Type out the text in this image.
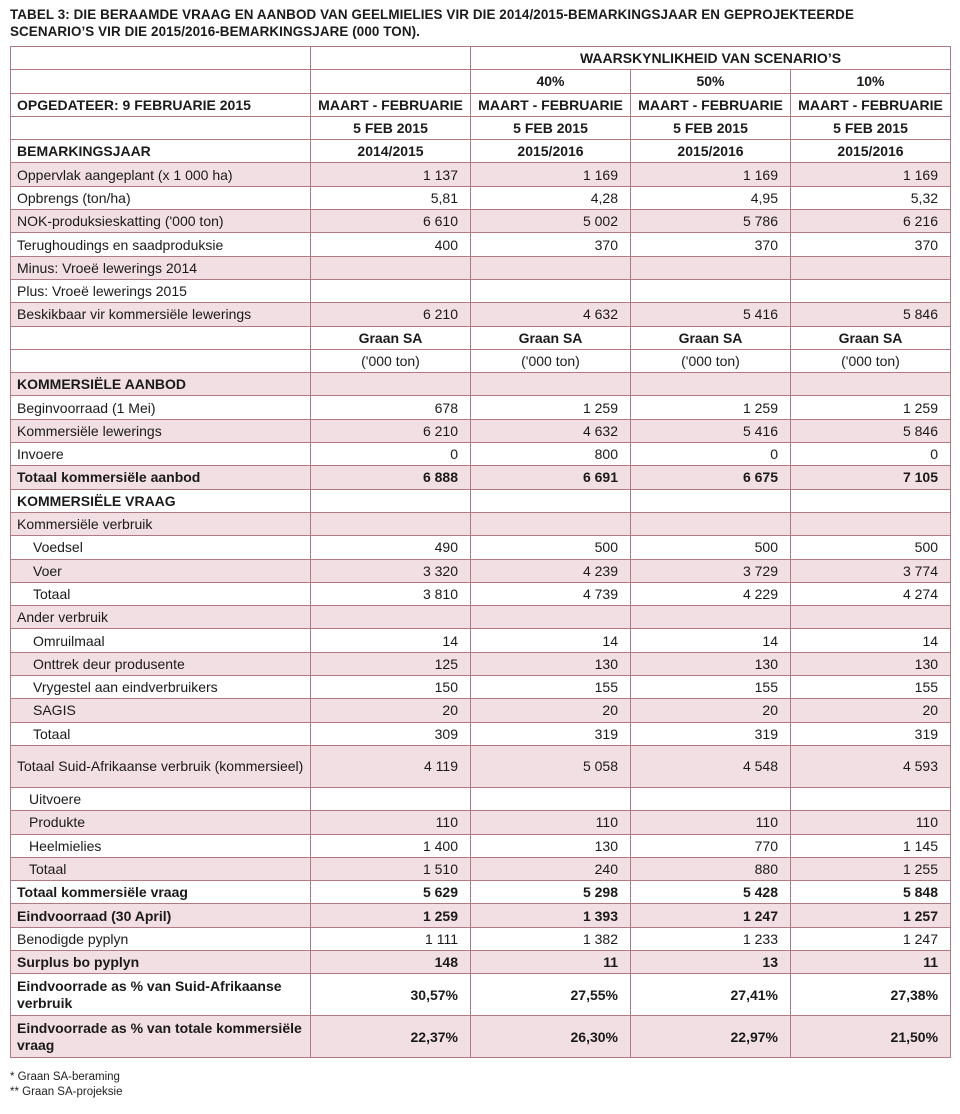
TABEL 3: DIE BERAAMDE VRAAG EN AANBOD VAN GEELMIELIES VIR DIE 2014/2015-BEMARKINGSJAAR EN GEPROJEKTEERDE
SCENARIO’S VIR DIE 2015/2016-BEMARKINGSJARE (000 TON).
		WAARSKYNLIKHEID VAN SCENARIO’S		
		40%	50%	10%
OPGEDATEER: 9 FEBRUARIE 2015	MAART - FEBRUARIE	MAART - FEBRUARIE	MAART - FEBRUARIE	MAART - FEBRUARIE
	5 FEB 2015	5 FEB 2015	5 FEB 2015	5 FEB 2015
BEMARKINGSJAAR	2014/2015	2015/2016	2015/2016	2015/2016
Oppervlak aangeplant (x 1 000 ha)	1 137	1 169	1 169	1 169
Opbrengs (ton/ha)	5,81	4,28	4,95	5,32
NOK-produksieskatting ('000 ton)	6 610	5 002	5 786	6 216
Terughoudings en saadproduksie	400	370	370	370
Minus: Vroeë lewerings 2014				
Plus: Vroeë lewerings 2015				
Beskikbaar vir kommersiële lewerings	6 210	4 632	5 416	5 846
	Graan SA	Graan SA	Graan SA	Graan SA
	('000 ton)	('000 ton)	('000 ton)	('000 ton)
KOMMERSIËLE AANBOD				
Beginvoorraad (1 Mei)	678	1 259	1 259	1 259
Kommersiële lewerings	6 210	4 632	5 416	5 846
Invoere	0	800	0	0
Totaal kommersiële aanbod	6 888	6 691	6 675	7 105
KOMMERSIËLE VRAAG				
Kommersiële verbruik				
Voedsel	490	500	500	500
Voer	3 320	4 239	3 729	3 774
Totaal	3 810	4 739	4 229	4 274
Ander verbruik				
Omruilmaal	14	14	14	14
Onttrek deur produsente	125	130	130	130
Vrygestel aan eindverbruikers	150	155	155	155
SAGIS	20	20	20	20
Totaal	309	319	319	319
Totaal Suid-Afrikaanse verbruik (kommersieel)	4 119	5 058	4 548	4 593
Uitvoere				
Produkte	110	110	110	110
Heelmielies	1 400	130	770	1 145
Totaal	1 510	240	880	1 255
Totaal kommersiële vraag	5 629	5 298	5 428	5 848
Eindvoorraad (30 April)	1 259	1 393	1 247	1 257
Benodigde pyplyn	1 111	1 382	1 233	1 247
Surplus bo pyplyn	148	11	13	11
Eindvoorrade as % van Suid-Afrikaanse verbruik	30,57%	27,55%	27,41%	27,38%
Eindvoorrade as % van totale kommersiële vraag	22,37%	26,30%	22,97%	21,50%
* Graan SA-beraming
** Graan SA-projeksie
